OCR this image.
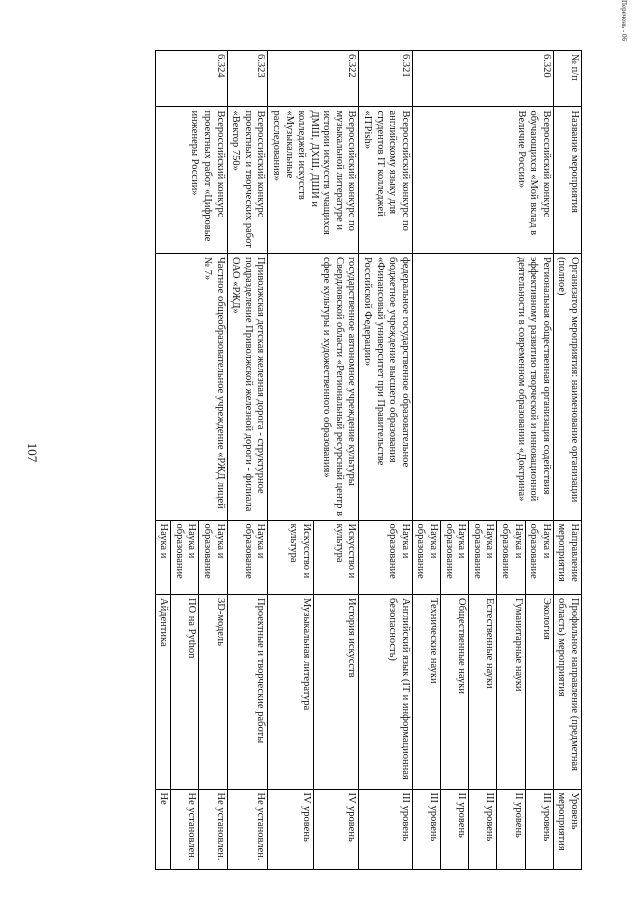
107
№ п/п	Название мероприятия	Организатор мероприятия: наименование организации (полное)	Направление мероприятия	Профильное направление (предметная область) мероприятия	Уровень мероприятия
6.320	Всероссийский конкурс обучающихся «Мой вклад в Величие России»	Региональная общественная организация содействия эффективному развитию творческой и инновационной деятельности в современном образовании «Доктрина»	Наука и образование	Экология	III уровень
			Наука и образование	Гуманитарные науки	II уровень
			Наука и образование	Естественные науки	III уровень
			Наука и образование	Общественные науки	II уровень
			Наука и образование	Технические науки	III уровень
6.321	Всероссийский конкурс по английскому языку для студентов IT колледжей «ITPish»	федеральное государственное образовательное бюджетное учреждение высшего образования «Финансовый университет при Правительстве Российской Федерации»	Наука и образование	Английский язык (IT и информационная безопасность)	III уровень
6.322	Всероссийский конкурс по музыкальной литературе и истории искусств учащихся ДМШ, ДХШ, ДШИ и колледжей искусств «Музыкальные расследования»	государственное автономное учреждение культуры Свердловской области «Региональный ресурсный центр в сфере культуры и художественного образования»	Искусство и культура	История искусств	IV уровень
			Искусство и культура	Музыкальная литература	IV уровень
6.323	Всероссийский конкурс проектных и творческих работ «Вектор 750»	Приволжская детская железная дорога - структурное подразделение Приволжской железной дороги - филиала ОАО «РЖД»	Наука и образование	Проектные и творческие работы	Не установлен.
6.324	Всероссийский конкурс проектных работ «Цифровые инженеры России»	Частное общеобразовательное учреждение «РЖД лицей № 7»	Наука и образование	3D-модель	Не установлен.
			Наука и образование	ПО на Python	Не установлен.
			Наука и	Айдентика	Не
Перечень - 06
